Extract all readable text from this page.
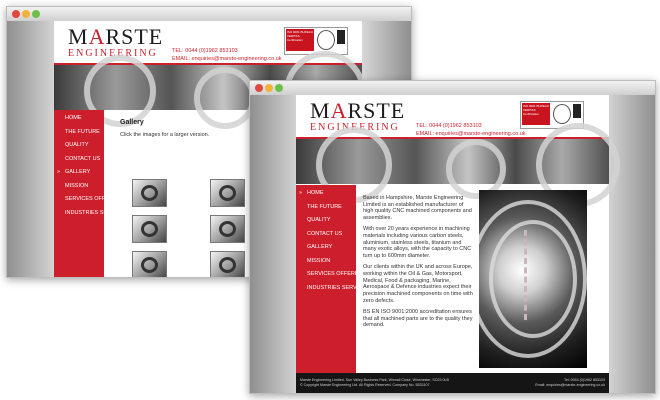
MARSTE
ENGINEERING	TEL: 0044 (0)1962 853103
EMAIL: enquiries@marste-engineering.co.uk
ISO 9001 BUREAU VERITAS Certification
HOME
THE FUTURE
QUALITY
CONTACT US
» GALLERY
MISSION
SERVICES OFFERED
INDUSTRIES SERVED
Gallery
Click the images for a larger version.
MARSTE
ENGINEERING	TEL: 0044 (0)1962 853103
EMAIL: enquiries@marste-engineering.co.uk
ISO 9001 BUREAU VERITAS Certification
» HOME
THE FUTURE
QUALITY
CONTACT US
GALLERY
MISSION
SERVICES OFFERED
INDUSTRIES SERVED

Based in Hampshire, Marste Engineering Limited is an established manufacturer of high quality CNC machined components and assemblies.

With over 20 years experience in machining materials including various carbon steels, aluminium, stainless steels, titanium and many exotic alloys, with the capacity to CNC turn up to 600mm diameter.

Our clients within the UK and across Europe, working within the Oil & Gas, Motorsport, Medical, Food & packaging, Marine, Aerospace & Defence industries expect their precision machined components on time with zero defects.

BS EN ISO 9001:2000 accreditation ensures that all machined parts are to the quality they demand.

Marste Engineering Limited. Sun Valley Business Park, Winnall Close, Winchester, SO23 0LB
© Copyright Marste Engineering Ltd. All Rights Reserved. Company No. 5533107.
Tel: 0044 (0)1962 853103
Email: enquiries@marste-engineering.co.uk
